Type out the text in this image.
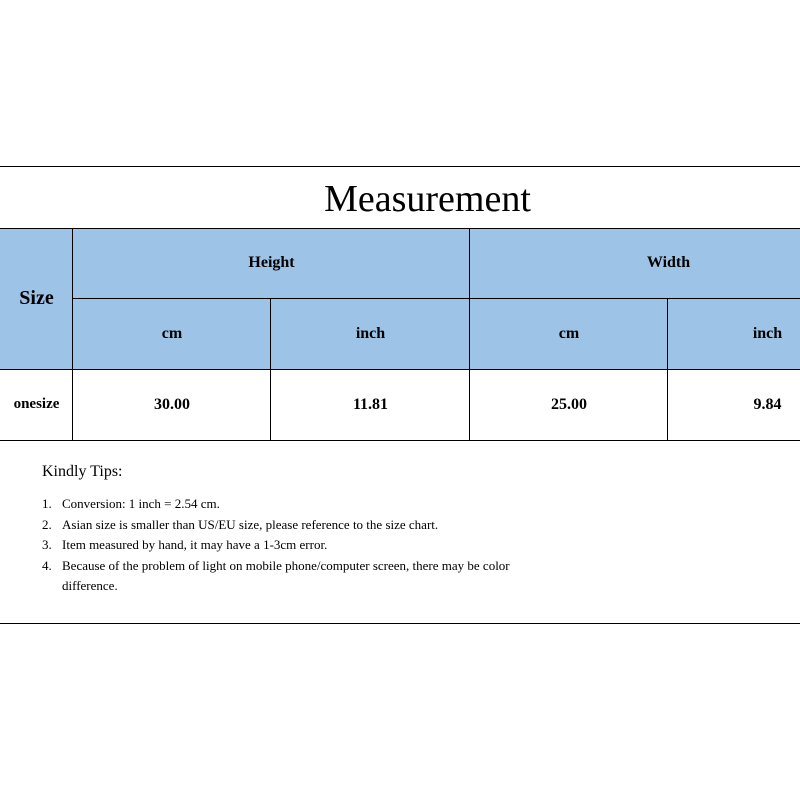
Measurement
Size
Height	Width
cm	inch	cm	inch
onesize	30.00	11.81	25.00	9.84
Kindly Tips:
1. Conversion: 1 inch = 2.54 cm.
2. Asian size is smaller than US/EU size, please reference to the size chart.
3. Item measured by hand, it may have a 1-3cm error.
4. Because of the problem of light on mobile phone/computer screen, there may be color difference.
